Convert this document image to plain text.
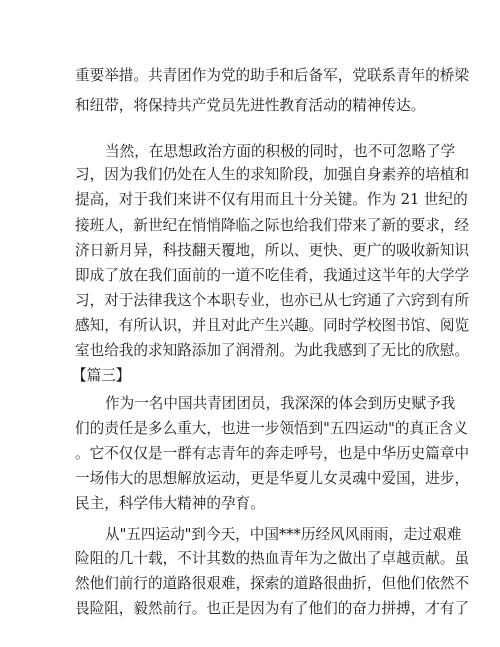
重要举措。共青团作为党的助手和后备军，党联系青年的桥梁
和纽带，将保持共产党员先进性教育活动的精神传达。
当然，在思想政治方面的积极的同时，也不可忽略了学
习，因为我们仍处在人生的求知阶段，加强自身素养的培植和
提高，对于我们来讲不仅有用而且十分关键。作为 21 世纪的
接班人，新世纪在悄悄降临之际也给我们带来了新的要求，经
济日新月异，科技翻天覆地，所以、更快、更广的吸收新知识
即成了放在我们面前的一道不吃佳肴，我通过这半年的大学学
习，对于法律我这个本职专业，也亦已从七窍通了六窍到有所
感知，有所认识，并且对此产生兴趣。同时学校图书馆、阅览
室也给我的求知路添加了润滑剂。为此我感到了无比的欣慰。
【篇三】
作为一名中国共青团团员，我深深的体会到历史赋予我
们的责任是多么重大，也进一步领悟到"五四运动"的真正含义
。它不仅仅是一群有志青年的奔走呼号，也是中华历史篇章中
一场伟大的思想解放运动，更是华夏儿女灵魂中爱国，进步，
民主，科学伟大精神的孕育。
从"五四运动"到今天，中国***历经风风雨雨，走过艰难
险阻的几十载，不计其数的热血青年为之做出了卓越贡献。虽
然他们前行的道路很艰难，探索的道路很曲折，但他们依然不
畏险阻，毅然前行。也正是因为有了他们的奋力拼搏，才有了
